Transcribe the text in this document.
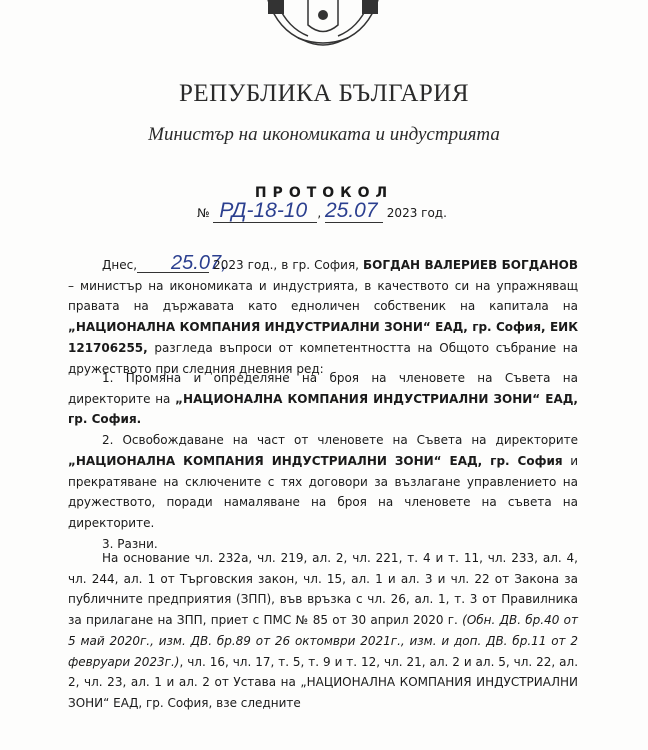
РЕПУБЛИКА БЪЛГАРИЯ
Министър на икономиката и индустрията
ПРОТОКОЛ
№ РД-18-10 , 25.07 2023 год.

Днес, 25.07, 2023 год., в гр. София, БОГДАН ВАЛЕРИЕВ БОГДАНОВ – министър на икономиката и индустрията, в качеството си на упражняващ правата на държавата като едноличен собственик на капитала на „НАЦИОНАЛНА КОМПАНИЯ ИНДУСТРИАЛНИ ЗОНИ“ ЕАД, гр. София, ЕИК 121706255, разгледа въпроси от компетентността на Общото събрание на дружеството при следния дневния ред:

1. Промяна и определяне на броя на членовете на Съвета на директорите на „НАЦИОНАЛНА КОМПАНИЯ ИНДУСТРИАЛНИ ЗОНИ“ ЕАД, гр. София.

2. Освобождаване на част от членовете на Съвета на директорите „НАЦИОНАЛНА КОМПАНИЯ ИНДУСТРИАЛНИ ЗОНИ“ ЕАД, гр. София и прекратяване на сключените с тях договори за възлагане управлението на дружеството, поради намаляване на броя на членовете на съвета на директорите.

3. Разни.

На основание чл. 232а, чл. 219, ал. 2, чл. 221, т. 4 и т. 11, чл. 233, ал. 4, чл. 244, ал. 1 от Търговския закон, чл. 15, ал. 1 и ал. 3 и чл. 22 от Закона за публичните предприятия (ЗПП), във връзка с чл. 26, ал. 1, т. 3 от Правилника за прилагане на ЗПП, приет с ПМС № 85 от 30 април 2020 г. (Обн. ДВ. бр.40 от 5 май 2020г., изм. ДВ. бр.89 от 26 октомври 2021г., изм. и доп. ДВ. бр.11 от 2 февруари 2023г.), чл. 16, чл. 17, т. 5, т. 9 и т. 12, чл. 21, ал. 2 и ал. 5, чл. 22, ал. 2, чл. 23, ал. 1 и ал. 2 от Устава на „НАЦИОНАЛНА КОМПАНИЯ ИНДУСТРИАЛНИ ЗОНИ“ ЕАД, гр. София, взе следните
